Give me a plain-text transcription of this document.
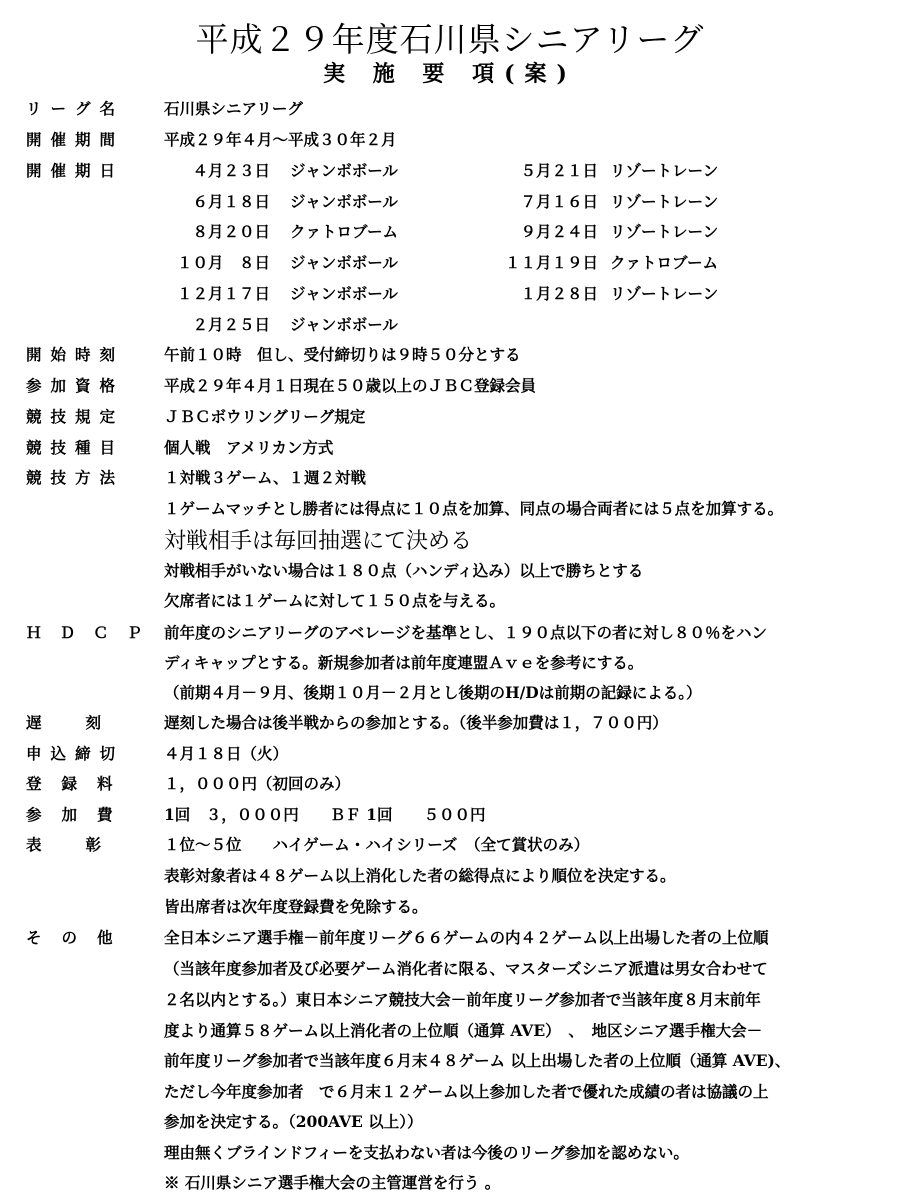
平成２９年度石川県シニアリーグ
実 施 要 項(案)
リーグ名	石川県シニアリーグ
開催期間	平成２９年４月～平成３０年２月
開催期日	４月２３日 ジャンボボール	５月２１日 リゾートレーン
６月１８日 ジャンボボール	７月１６日 リゾートレーン
８月２０日 クァトロブーム	９月２４日 リゾートレーン
１０月　８日 ジャンボボール	１１月１９日 クァトロブーム
１２月１７日 ジャンボボール	１月２８日 リゾートレーン
２月２５日 ジャンボボール
開始時刻	午前１０時　但し、受付締切りは９時５０分とする
参加資格	平成２９年４月１日現在５０歳以上のＪＢＣ登録会員
競技規定	ＪＢＣボウリングリーグ規定
競技種目	個人戦　アメリカン方式
競技方法	１対戦３ゲーム、１週２対戦
１ゲームマッチとし勝者には得点に１０点を加算、同点の場合両者には５点を加算する。
対戦相手は毎回抽選にて決める
対戦相手がいない場合は１８０点（ハンディ込み）以上で勝ちとする
欠席者には１ゲームに対して１５０点を与える。
ＨＤＣＰ 前年度のシニアリーグのアベレージを基準とし、１９０点以下の者に対し８０％をハン
ディキャップとする。新規参加者は前年度連盟Ａｖｅを参考にする。
（前期４月－９月、後期１０月－２月とし後期のH/Dは前期の記録による。）
遅刻 遅刻した場合は後半戦からの参加とする。（後半参加費は１，７００円）
申込締切	４月１８日（火）
登録料 １，０００円（初回のみ）
参加費 1回　３，０００円　　ＢＦ 1回　　５００円
表彰 １位～５位　　ハイゲーム・ハイシリーズ　（全て賞状のみ）
表彰対象者は４８ゲーム以上消化した者の総得点により順位を決定する。
皆出席者は次年度登録費を免除する。
その他 全日本シニア選手権－前年度リーグ６６ゲームの内４２ゲーム以上出場した者の上位順
（当該年度参加者及び必要ゲーム消化者に限る、マスターズシニア派遣は男女合わせて
２名以内とする。）東日本シニア競技大会－前年度リーグ参加者で当該年度８月末前年
度より通算５８ゲーム以上消化者の上位順（通算 AVE）　、　地区シニア選手権大会－
前年度リーグ参加者で当該年度６月末４８ゲーム 以上出場した者の上位順（通算 AVE)、
ただし今年度参加者　で６月末１２ゲーム以上参加した者で優れた成績の者は協議の上
参加を決定する。（200AVE 以上））
理由無くブラインドフィーを支払わない者は今後のリーグ参加を認めない。
※ 石川県シニア選手権大会の主管運営を行う 。
